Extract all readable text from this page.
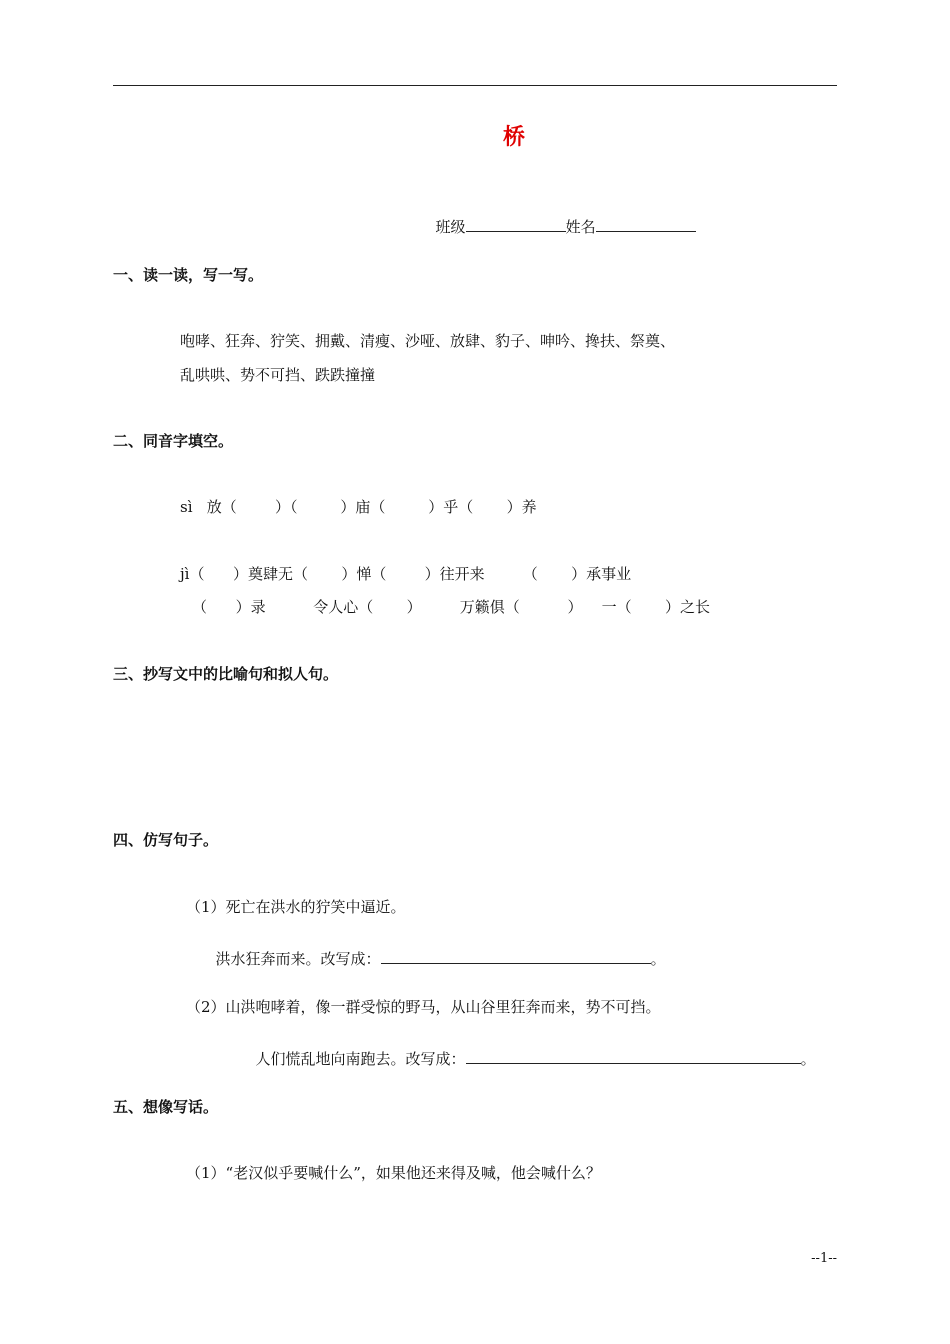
桥

班级	姓名

一、读一读，写一写。
咆哮、狂奔、狞笑、拥戴、清瘦、沙哑、放肆、豹子、呻吟、搀扶、祭奠、
乱哄哄、势不可挡、跌跌撞撞
二、同音字填空。
sì   放（        ）（         ）庙（         ）乎（       ）养
jì（      ）奠肆无（       ）惮（        ）往开来        （       ）承事业
（      ）录          令人心（       ）        万籁俱（          ）    一（       ）之长
三、抄写文中的比喻句和拟人句。
四、仿写句子。
（1）死亡在洪水的狞笑中逼近。

洪水狂奔而来。改写成：	。

（2）山洪咆哮着，像一群受惊的野马，从山谷里狂奔而来，势不可挡。

人们慌乱地向南跑去。改写成：	。

五、想像写话。
（1）“老汉似乎要喊什么”，如果他还来得及喊，他会喊什么？
--1--
